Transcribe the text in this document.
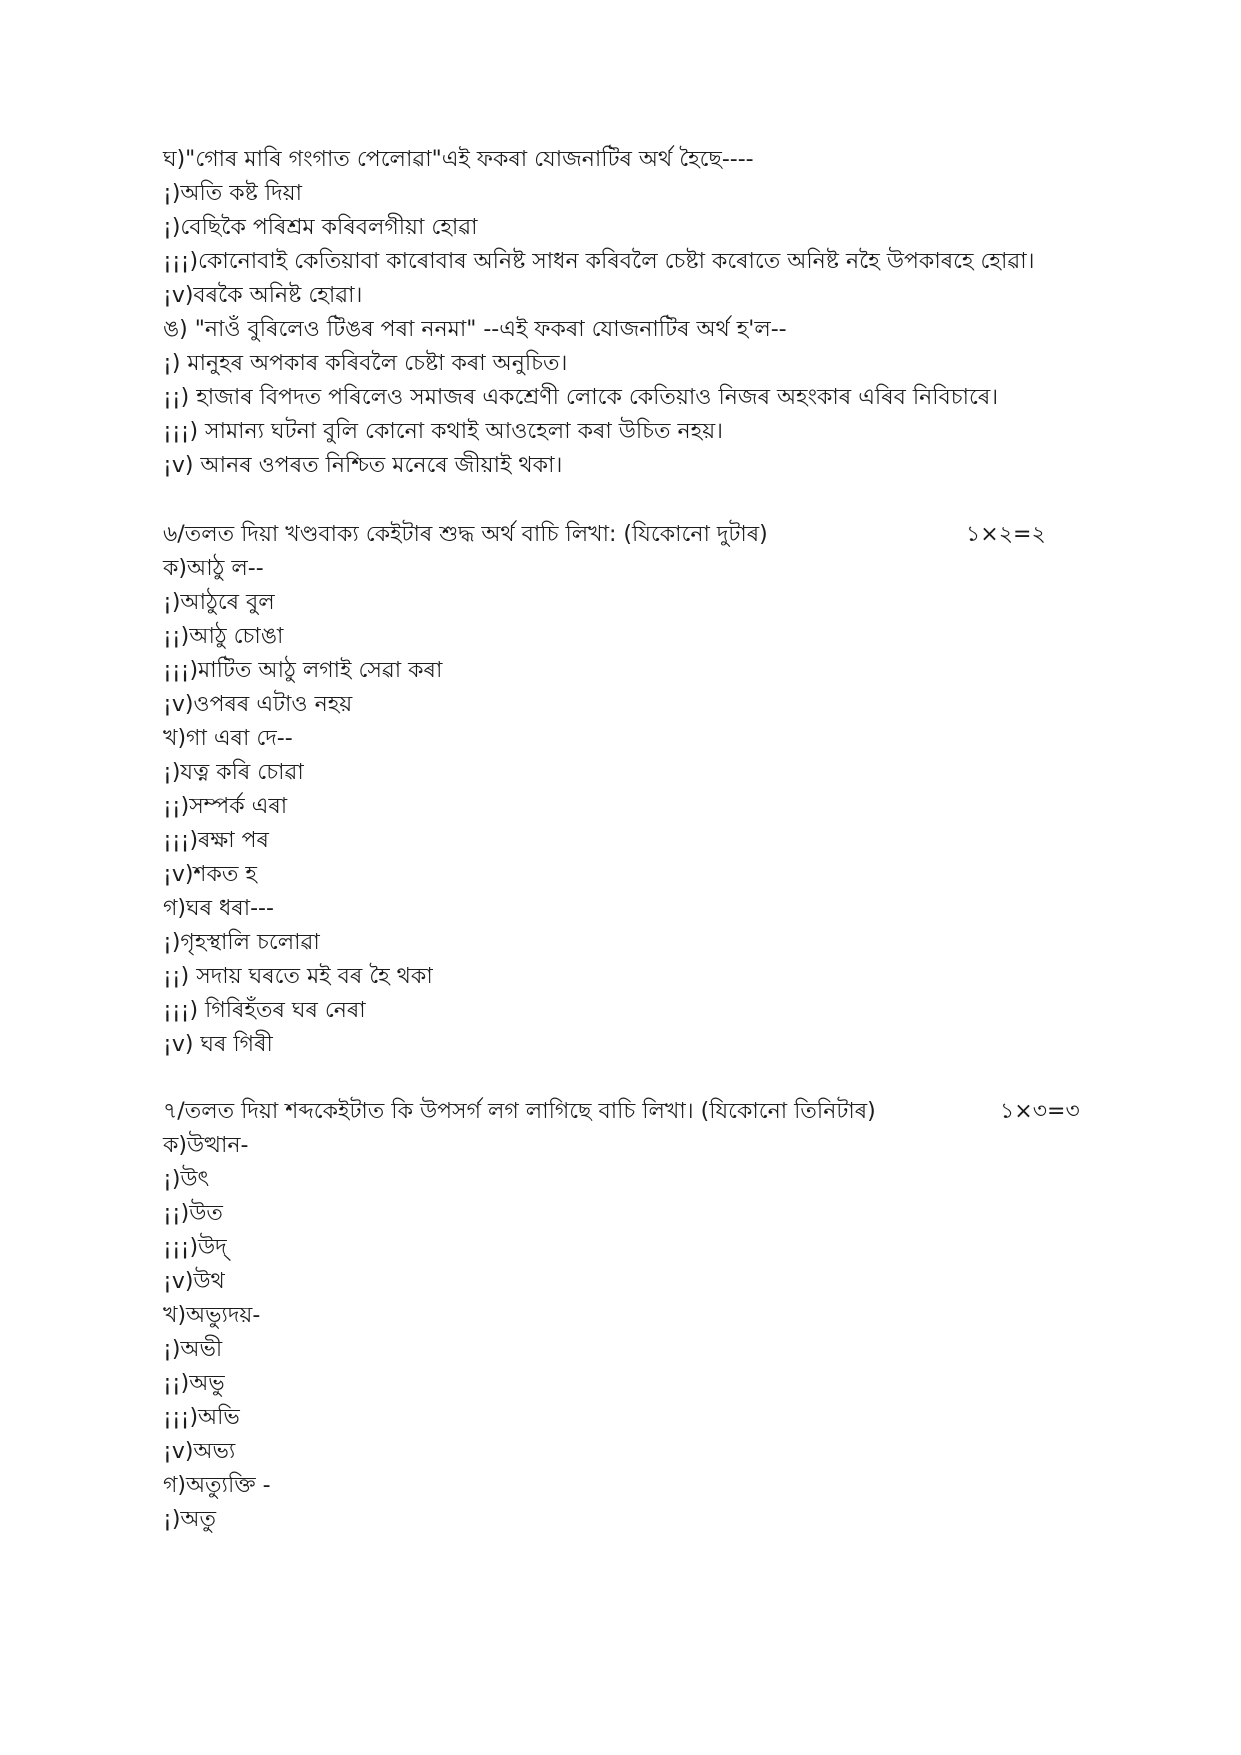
ঘ)"গোৰ মাৰি গংগাত পেলোৱা"এই ফকৰা যোজনাটিৰ অৰ্থ হৈছে----
¡)অতি কষ্ট দিয়া
¡)বেছিকৈ পৰিশ্ৰম কৰিবলগীয়া হোৱা
¡¡¡)কোনোবাই কেতিয়াবা কাৰোবাৰ অনিষ্ট সাধন কৰিবলৈ চেষ্টা কৰোতে অনিষ্ট নহৈ উপকাৰহে হোৱা।
¡v)বৰকৈ অনিষ্ট হোৱা।
ঙ) "নাওঁ বুৰিলেও টিঙৰ পৰা ননমা" --এই ফকৰা যোজনাটিৰ অৰ্থ হ'ল--
¡) মানুহৰ অপকাৰ কৰিবলৈ চেষ্টা কৰা অনুচিত।
¡¡) হাজাৰ বিপদত পৰিলেও সমাজৰ একশ্ৰেণী লোকে কেতিয়াও নিজৰ অহংকাৰ এৰিব নিবিচাৰে।
¡¡¡) সামান্য ঘটনা বুলি কোনো কথাই আওহেলা কৰা উচিত নহয়।
¡v) আনৰ ওপৰত নিশ্চিত মনেৰে জীয়াই থকা।
৬/তলত দিয়া খণ্ডবাক্য কেইটাৰ শুদ্ধ অৰ্থ বাচি লিখা: (যিকোনো দুটাৰ)	১×২=২
ক)আঠু ল--
¡)আঠুৰে বুল
¡¡)আঠু চোঙা
¡¡¡)মাটিত আঠু লগাই সেৱা কৰা
¡v)ওপৰৰ এটাও নহয়
খ)গা এৰা দে--
¡)যত্ন কৰি চোৱা
¡¡)সম্পৰ্ক এৰা
¡¡¡)ৰক্ষা পৰ
¡v)শকত হ
গ)ঘৰ ধৰা---
¡)গৃহস্থালি চলোৱা
¡¡) সদায় ঘৰতে মই বৰ হৈ থকা
¡¡¡) গিৰিহঁতৰ ঘৰ নেৰা
¡v) ঘৰ গিৰী
৭/তলত দিয়া শব্দকেইটাত কি উপসৰ্গ লগ লাগিছে বাচি লিখা। (যিকোনো তিনিটাৰ)	১×৩=৩
ক)উত্থান-
¡)উৎ
¡¡)উত
¡¡¡)উদ্
¡v)উথ
খ)অভ্যুদয়-
¡)অভী
¡¡)অভু
¡¡¡)অভি
¡v)অভ্য
গ)অত্যুক্তি -
¡)অতু
